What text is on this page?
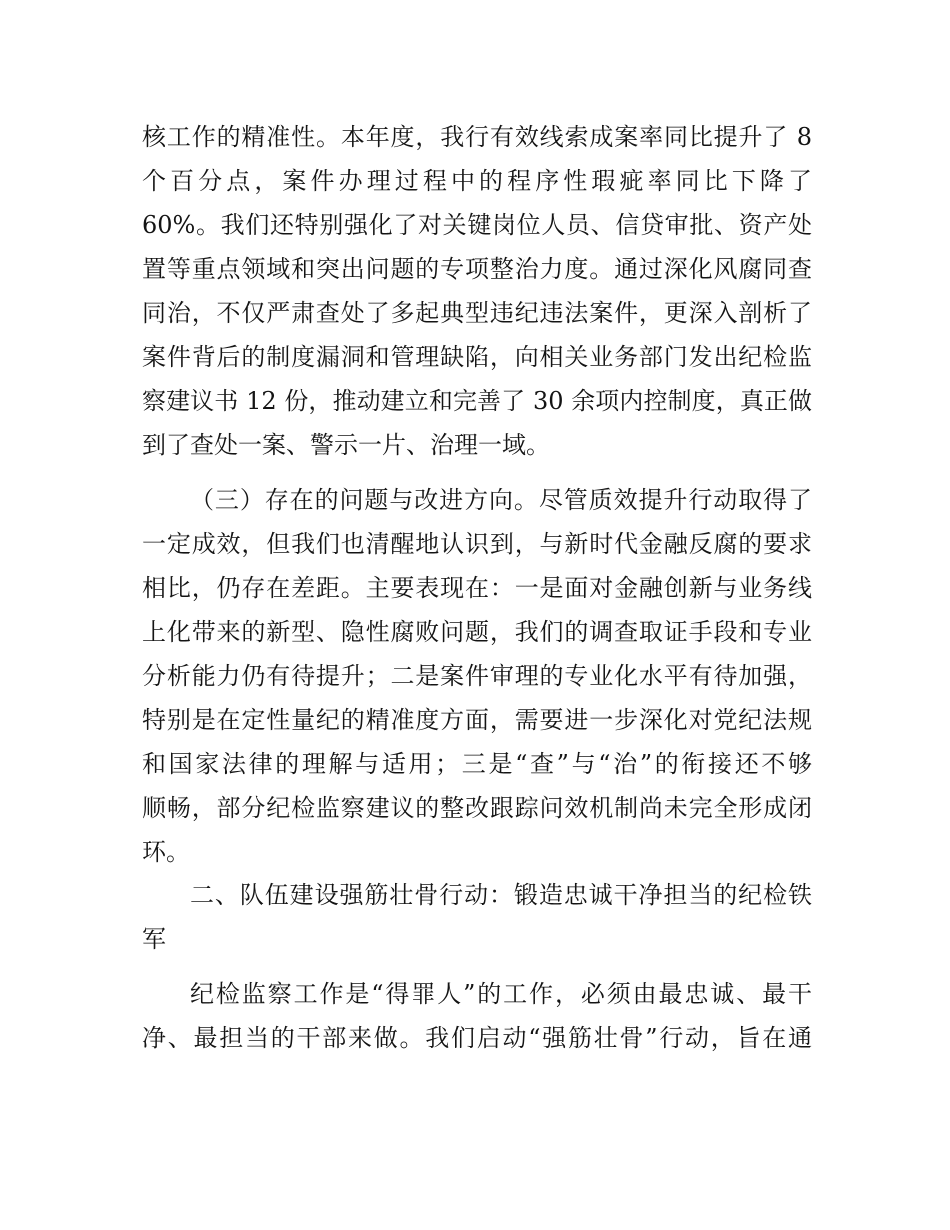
核工作的精准性。本年度，我行有效线索成案率同比提升了 8
个百分点，案件办理过程中的程序性瑕疵率同比下降了
60%。我们还特别强化了对关键岗位人员、信贷审批、资产处
置等重点领域和突出问题的专项整治力度。通过深化风腐同查
同治，不仅严肃查处了多起典型违纪违法案件，更深入剖析了
案件背后的制度漏洞和管理缺陷，向相关业务部门发出纪检监
察建议书 12 份，推动建立和完善了 30 余项内控制度，真正做
到了查处一案、警示一片、治理一域。
（三）存在的问题与改进方向。尽管质效提升行动取得了
一定成效，但我们也清醒地认识到，与新时代金融反腐的要求
相比，仍存在差距。主要表现在：一是面对金融创新与业务线
上化带来的新型、隐性腐败问题，我们的调查取证手段和专业
分析能力仍有待提升；二是案件审理的专业化水平有待加强，
特别是在定性量纪的精准度方面，需要进一步深化对党纪法规
和国家法律的理解与适用；三是“查”与“治”的衔接还不够
顺畅，部分纪检监察建议的整改跟踪问效机制尚未完全形成闭
环。
二、队伍建设强筋壮骨行动：锻造忠诚干净担当的纪检铁
军
纪检监察工作是“得罪人”的工作，必须由最忠诚、最干
净、最担当的干部来做。我们启动“强筋壮骨”行动，旨在通
